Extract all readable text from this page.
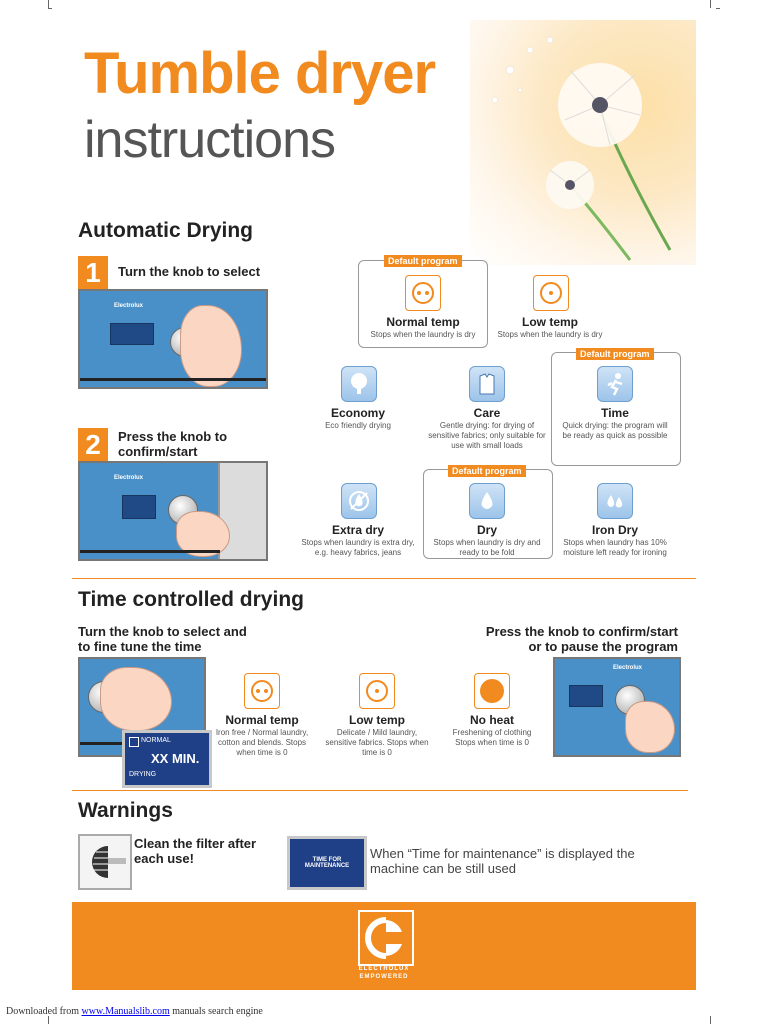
Tumble dryer
instructions
Automatic Drying
1	Turn the knob to select
Electrolux
2	Press the knob to confirm/start
Electrolux
Default program
Normal temp
Stops when the laundry is dry
Low temp
Stops when the laundry is dry
Economy
Eco friendly drying
Care
Gentle drying: for drying of sensitive fabrics; only suitable for use with small loads
Default program
Time
Quick drying: the program will be ready as quick as possible
Extra dry
Stops when laundry is extra dry, e.g. heavy fabrics, jeans
Default program
Dry
Stops when laundry is dry and ready to be fold
Iron Dry
Stops when laundry has 10% moisture left ready for ironing
Time controlled drying
Turn the knob to select and to fine tune the time
Press the knob to confirm/start or to pause the program
NORMAL
XX MIN.
DRYING
Normal temp
Iron free / Normal laundry, cotton and blends. Stops when time is 0
Low temp
Delicate / Mild laundry, sensitive fabrics. Stops when time is 0
No heat
Freshening of clothing Stops when time is 0
Electrolux
Warnings
Clean the filter after each use!	TIME FOR MAINTENANCE
When “Time for maintenance” is displayed the machine can be still used
ELECTROLUX
EMPOWERED
Downloaded from www.Manualslib.com manuals search engine
